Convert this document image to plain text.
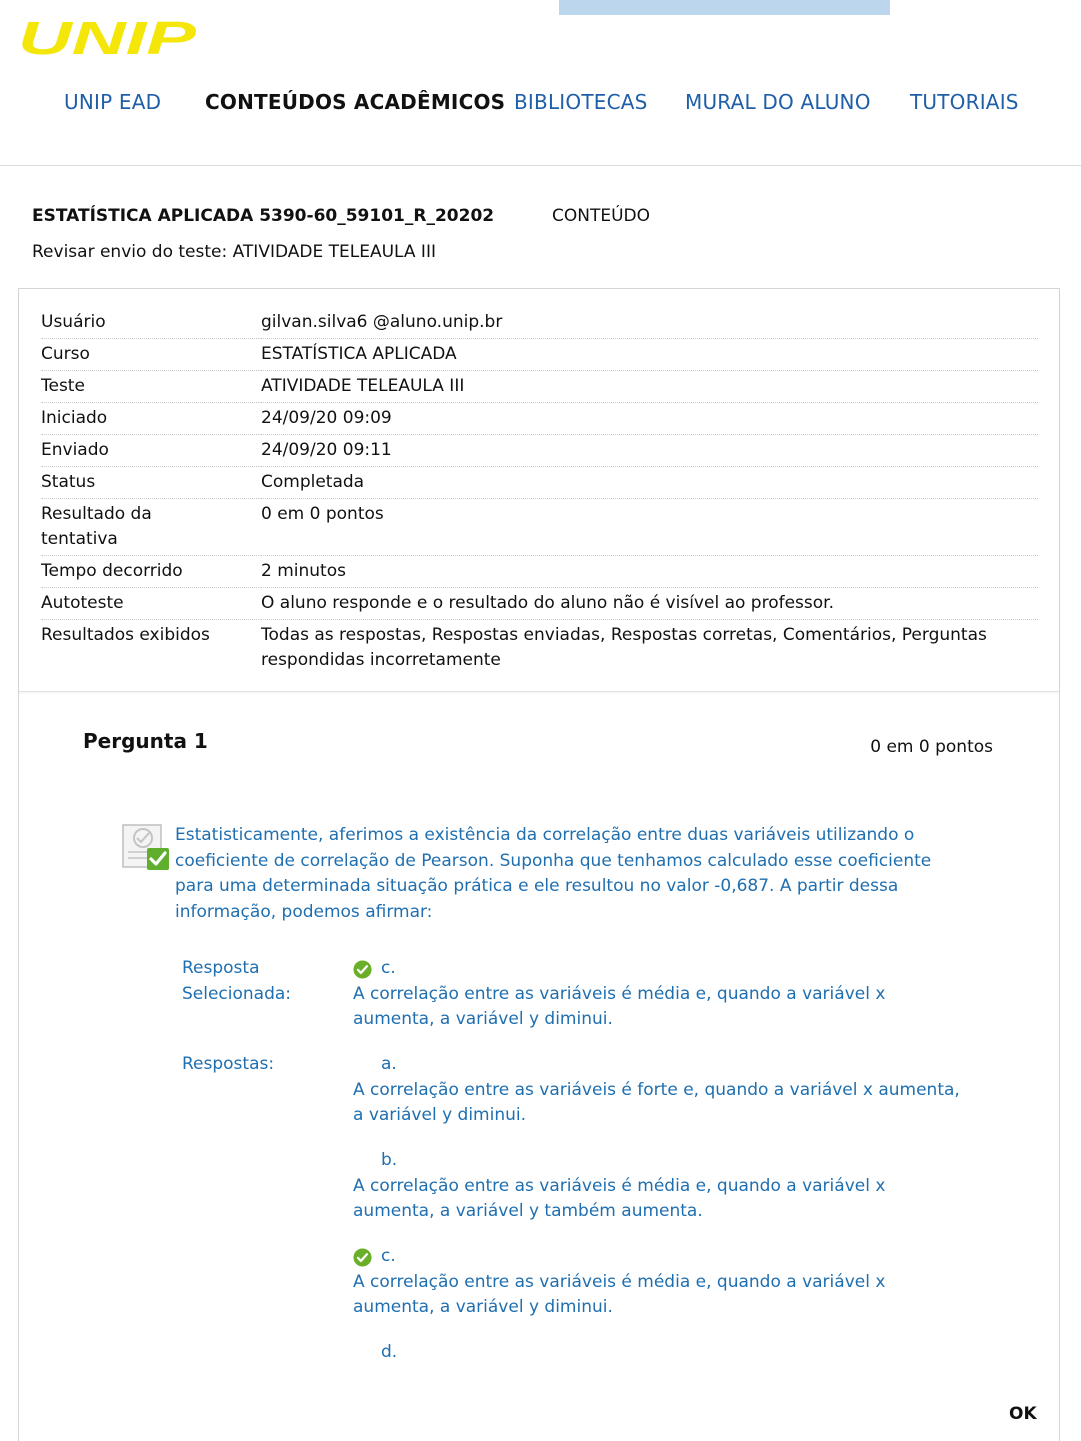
UNIP
UNIP EAD CONTEÚDOS ACADÊMICOS BIBLIOTECAS MURAL DO ALUNO TUTORIAIS
ESTATÍSTICA APLICADA 5390-60_59101_R_20202	CONTEÚDO
Revisar envio do teste: ATIVIDADE TELEAULA III
Usuário	gilvan.silva6 @aluno.unip.br
Curso	ESTATÍSTICA APLICADA
Teste	ATIVIDADE TELEAULA III
Iniciado	24/09/20 09:09
Enviado	24/09/20 09:11
Status	Completada
Resultado da tentativa	0 em 0 pontos
Tempo decorrido	2 minutos
Autoteste	O aluno responde e o resultado do aluno não é visível ao professor.
Resultados exibidos	Todas as respostas, Respostas enviadas, Respostas corretas, Comentários, Perguntas respondidas incorretamente
Pergunta 1	0 em 0 pontos
Estatisticamente, aferimos a existência da correlação entre duas variáveis utilizando o coeficiente de correlação de Pearson. Suponha que tenhamos calculado esse coeficiente para uma determinada situação prática e ele resultou no valor -0,687. A partir dessa informação, podemos afirmar:
Resposta Selecionada:
c.
A correlação entre as variáveis é média e, quando a variável x aumenta, a variável y diminui.
Respostas:	a.
A correlação entre as variáveis é forte e, quando a variável x aumenta, a variável y diminui.
b.
A correlação entre as variáveis é média e, quando a variável x aumenta, a variável y também aumenta.
c.
A correlação entre as variáveis é média e, quando a variável x aumenta, a variável y diminui.
d.
OK
